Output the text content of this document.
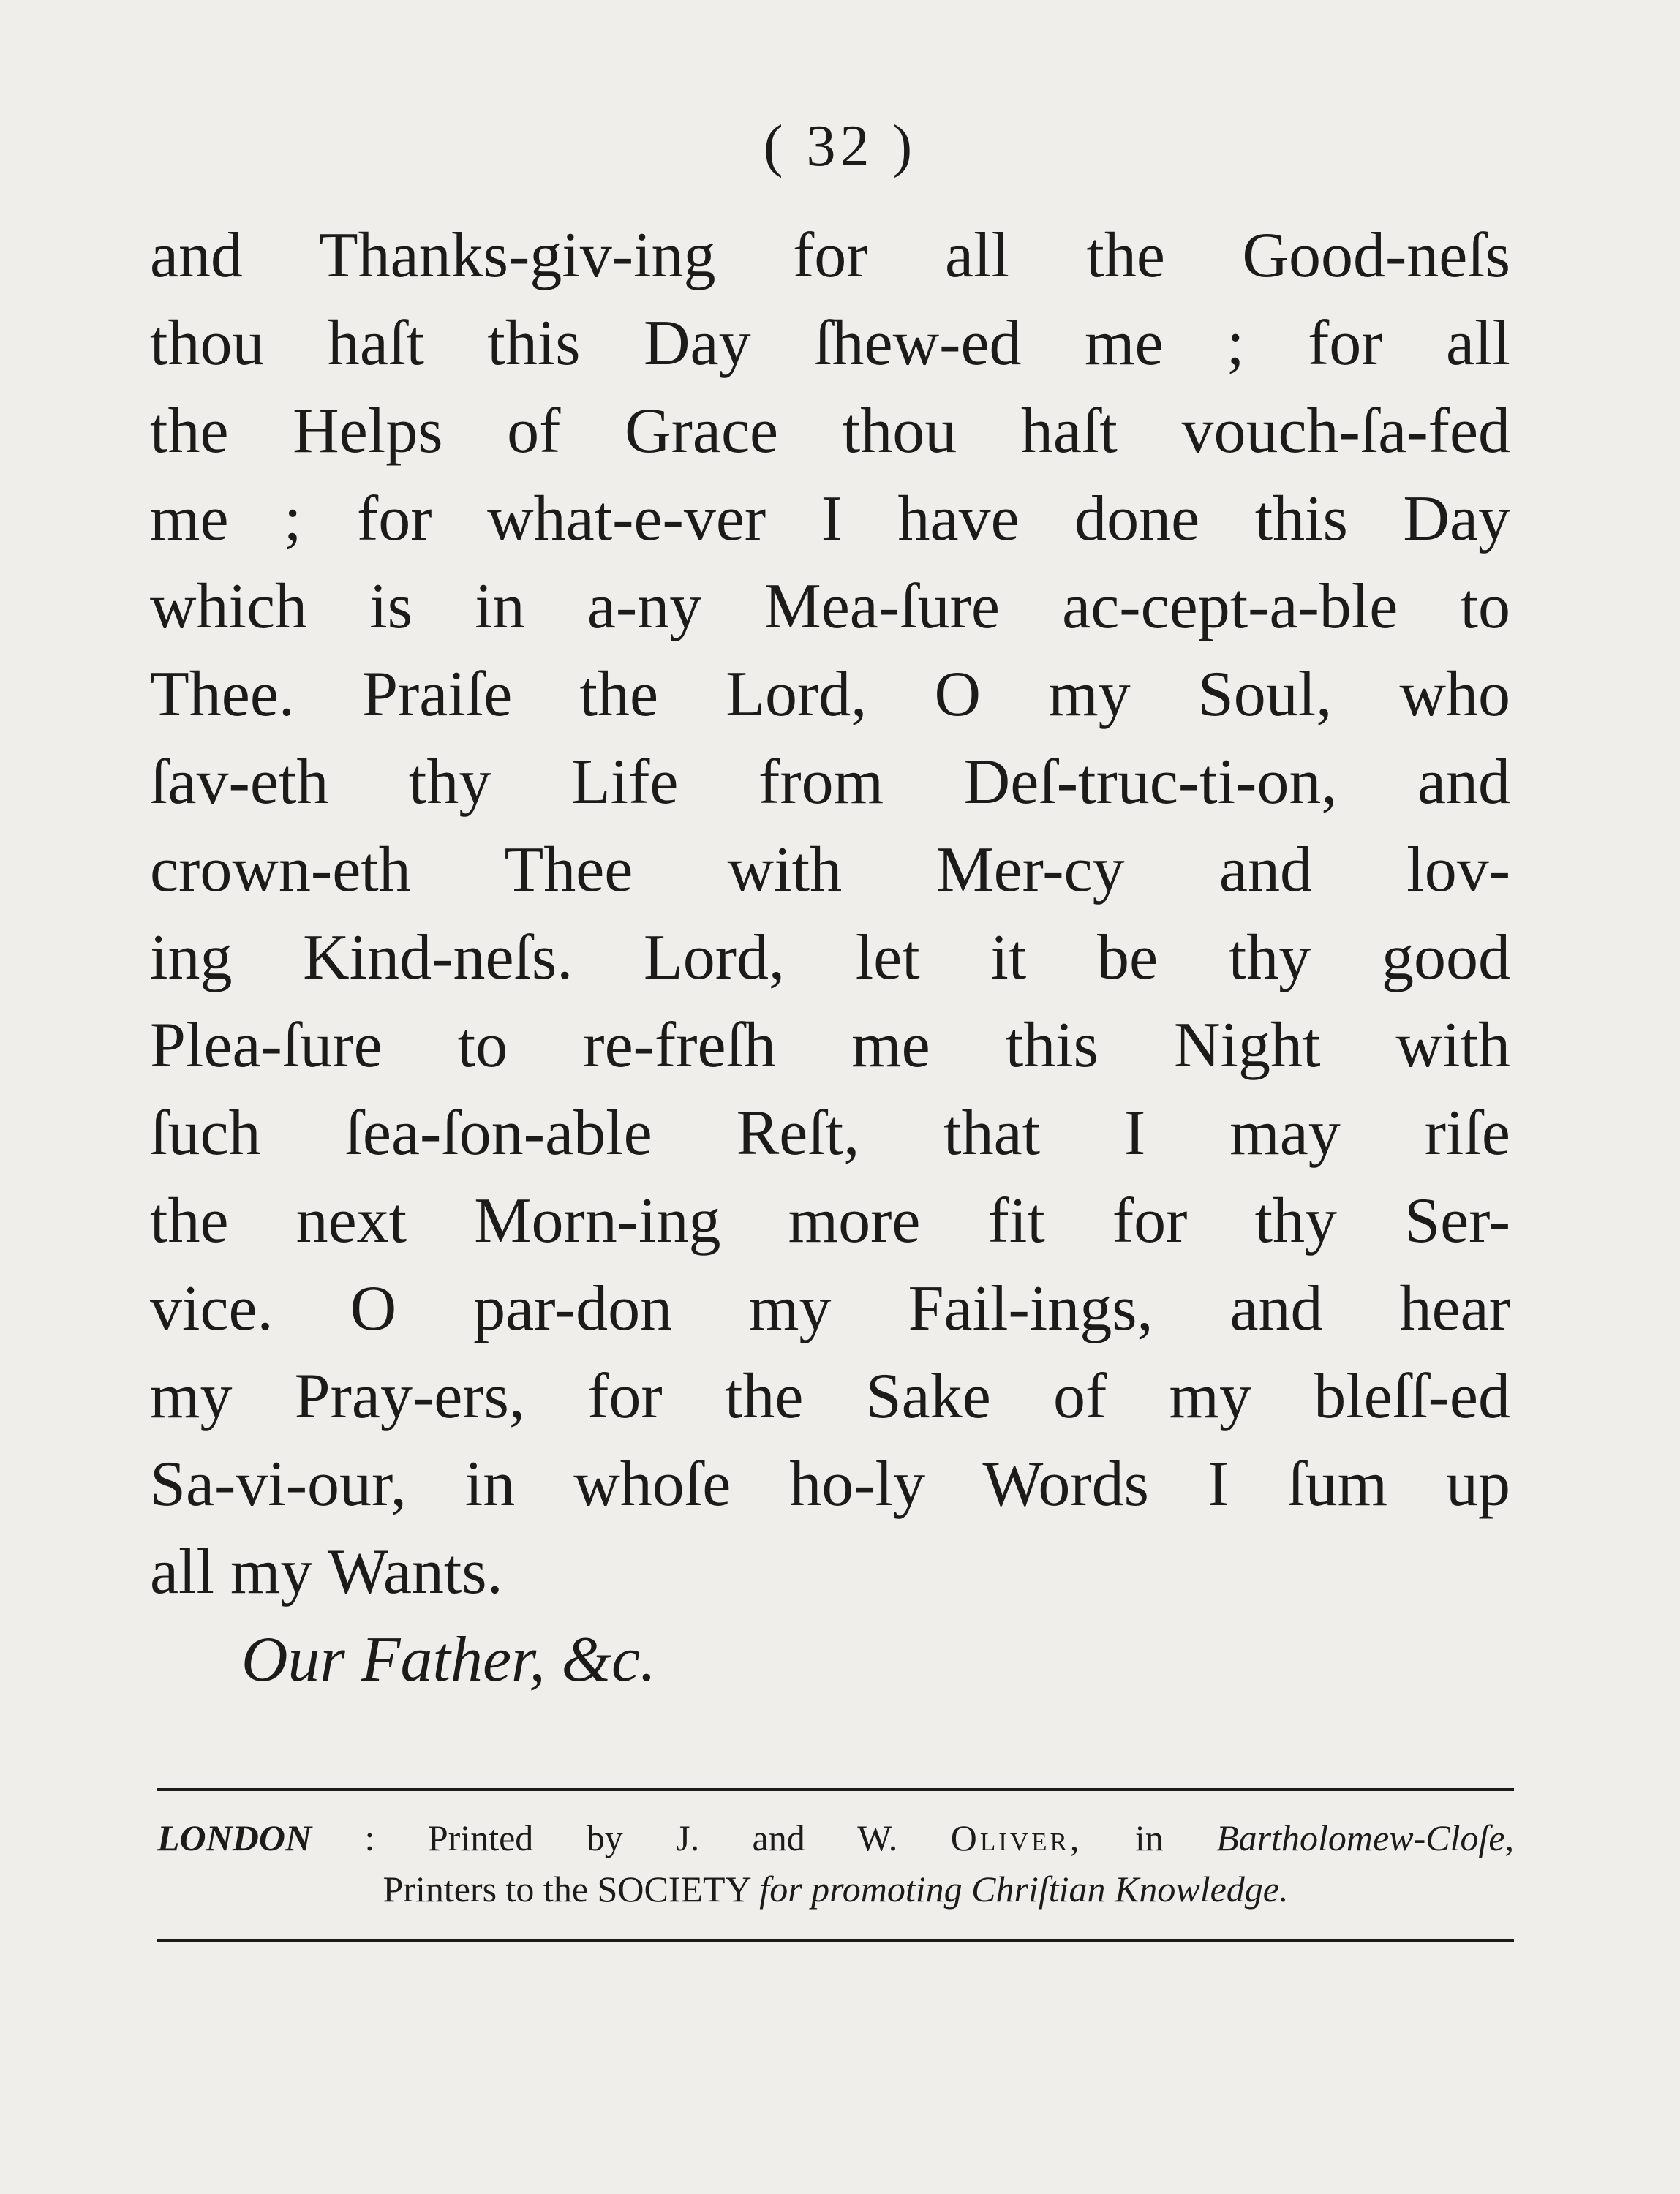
( 32 )
and Thanks-giv-ing for all the Good-neſs
thou haſt this Day ſhew-ed me ; for all
the Helps of Grace thou haſt vouch-ſa-fed
me ; for what-e-ver I have done this Day
which is in a-ny Mea-ſure ac-cept-a-ble to
Thee. Praiſe the Lord, O my Soul, who
ſav-eth thy Life from Deſ-truc-ti-on, and
crown-eth Thee with Mer-cy and lov-
ing Kind-neſs. Lord, let it be thy good
Plea-ſure to re-freſh me this Night with
ſuch ſea-ſon-able Reſt, that I may riſe
the next Morn-ing more fit for thy Ser-
vice. O par-don my Fail-ings, and hear
my Pray-ers, for the Sake of my bleſſ-ed
Sa-vi-our, in whoſe ho-ly Words I ſum up
all my Wants.
Our Father, &c.
LONDON : Printed by J. and W. Oliver, in Bartholomew-Cloſe,
Printers to the SOCIETY for promoting Chriſtian Knowledge.
